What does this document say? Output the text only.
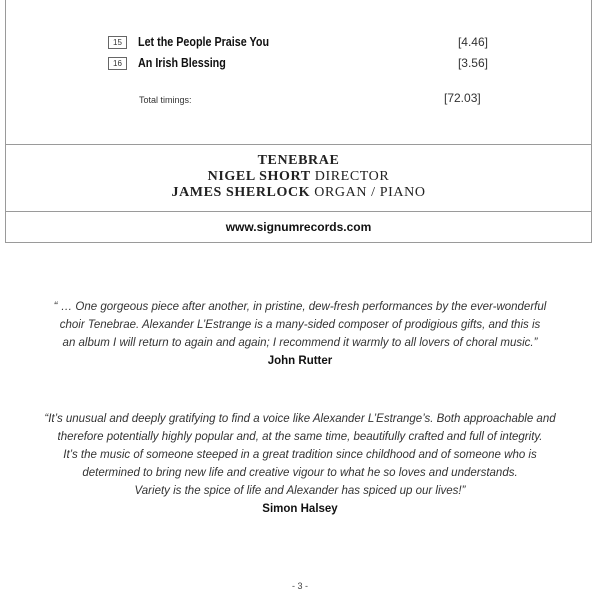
15	Let the People Praise You	[4.46]
16	An Irish Blessing	[3.56]
Total timings:	[72.03]
TENEBRAE
NIGEL SHORT DIRECTOR
JAMES SHERLOCK ORGAN / PIANO
www.signumrecords.com
“ … One gorgeous piece after another, in pristine, dew-fresh performances by the ever-wonderful
choir Tenebrae. Alexander L’Estrange is a many-sided composer of prodigious gifts, and this is
an album I will return to again and again; I recommend it warmly to all lovers of choral music.”
John Rutter
“It’s unusual and deeply gratifying to find a voice like Alexander L’Estrange’s. Both approachable and
therefore potentially highly popular and, at the same time, beautifully crafted and full of integrity.
It’s the music of someone steeped in a great tradition since childhood and of someone who is
determined to bring new life and creative vigour to what he so loves and understands.
Variety is the spice of life and Alexander has spiced up our lives!”
Simon Halsey
- 3 -
